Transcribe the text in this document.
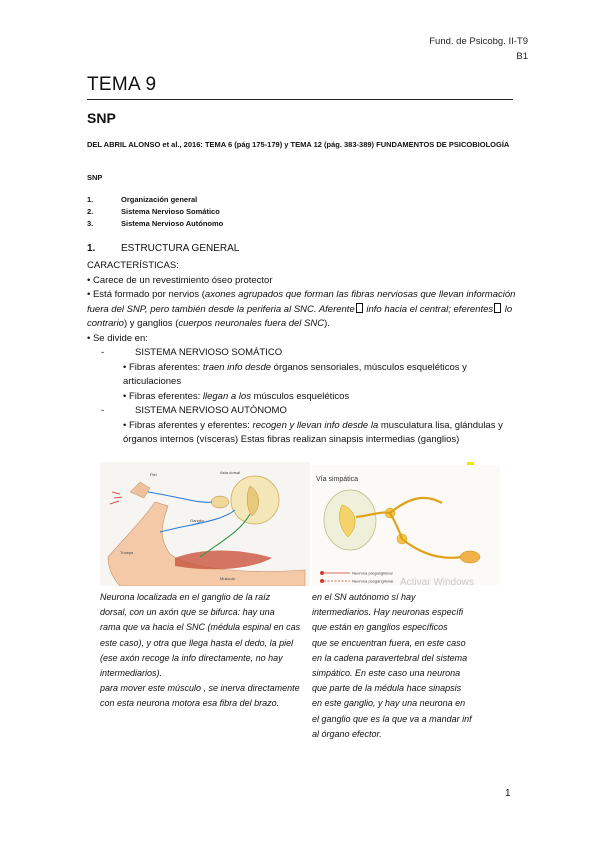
Fund. de Psicobg. II-T9
B1
TEMA 9
SNP
DEL ABRIL ALONSO et al., 2016: TEMA 6 (pág 175-179) y TEMA 12 (pág. 383-389) FUNDAMENTOS DE PSICOBIOLOGÍA
SNP
1.	Organización general
2.	Sistema Nervioso Somático
3.	Sistema Nervioso Autónomo
1.	ESTRUCTURA GENERAL

CARACTERÍSTICAS:

• Carece de un revestimiento óseo protector

• Está formado por nervios (axones agrupados que forman las fibras nerviosas que llevan información fuera del SNP, pero también desde la periferia al SNC. Aferente info hacia el central; eferentes lo contrario) y ganglios (cuerpos neuronales fuera del SNC).

• Se divide en:

-	SISTEMA NERVIOSO SOMÁTICO

• Fibras aferentes: traen info desde órganos sensoriales, músculos esqueléticos y articulaciones

• Fibras eferentes: llegan a los músculos esqueléticos

-	SISTEMA NERVIOSO AUTÓNOMO

• Fibras aferentes y eferentes: recogen y llevan info desde la musculatura lisa, glándulas y órganos internos (vísceras) Estas fibras realizan sinapsis intermedias (ganglios)

Piel	Asta dorsal
Ganglio
Tríceps
Músculo
Vía simpática
Neurona preganglionar
Neurona posganglionar Activar Windows
Neurona localizada en el ganglio de la raíz
dorsal, con un axón que se bifurca: hay una
rama que va hacia el SNC (médula espinal en cas
este caso), y otra que llega hasta el dedo, la piel
(ese axón recoge la info directamente, no hay
intermediarios).
para mover este músculo , se inerva directamente
con esta neurona motora esa fibra del brazo.
en el SN autónomo sí hay
intermediarios. Hay neuronas específi
que están en ganglios específicos
que se encuentran fuera, en este caso
en la cadena paravertebral del sistema
simpático. En este caso una neurona
que parte de la médula hace sinapsis
en este ganglio, y hay una neurona en
el ganglio que es la que va a mandar inf
al órgano efector.
1
